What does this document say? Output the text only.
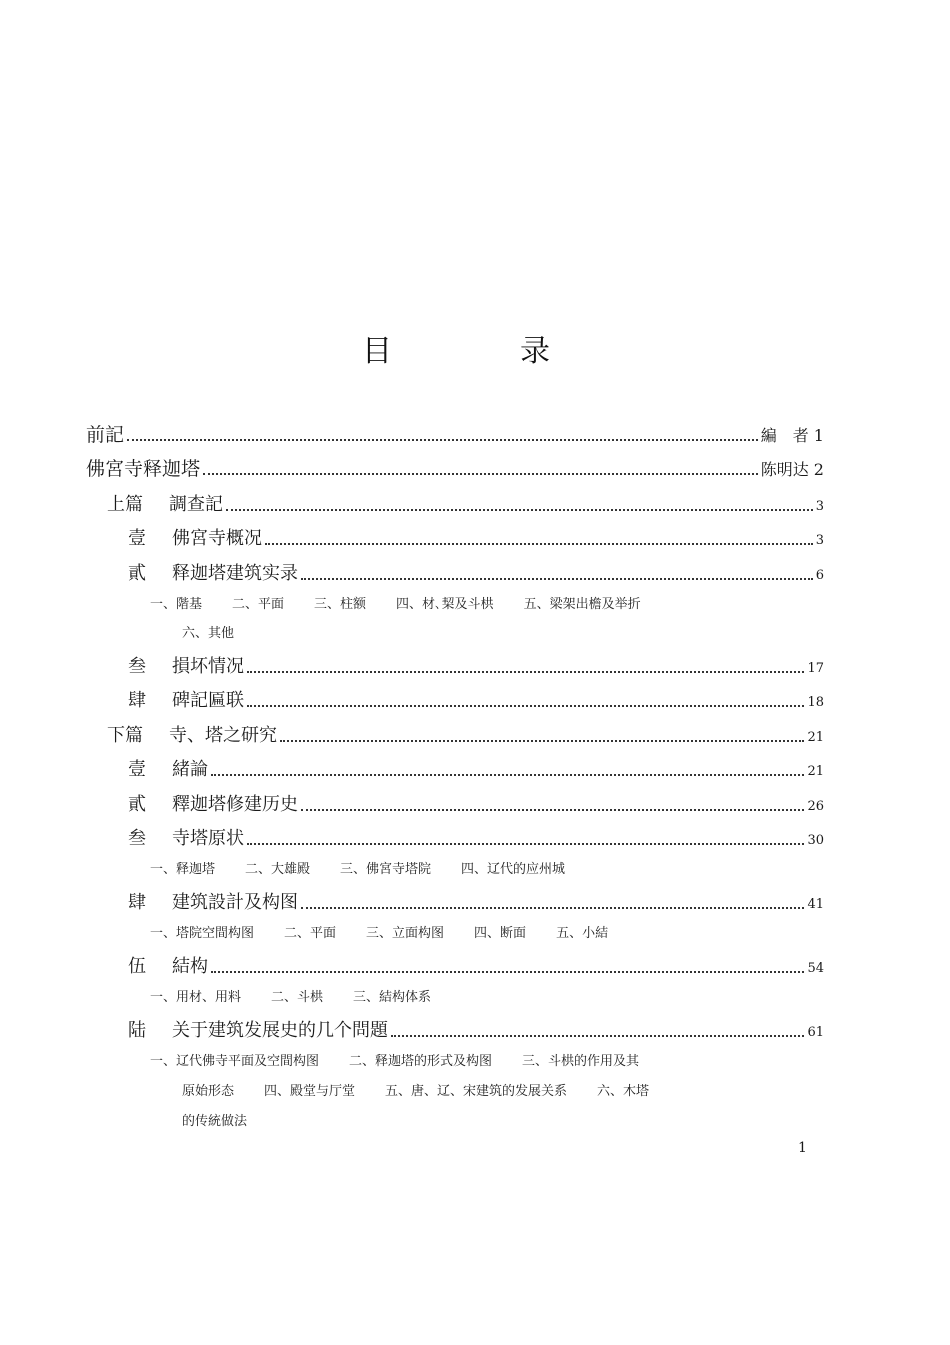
目	录
前記	編　者 1
佛宮寺释迦塔	陈明达 2
上篇 調查記	3
壹 佛宮寺概况	3
貳 释迦塔建筑实录	6
一、階基 二、平面 三、柱额 四、材､栔及斗栱 五、梁架出檐及举折
六、其他
叁 損坏情况	17
肆 碑記匾联	18
下篇 寺、塔之研究	21
壹 緒論	21
貳 釋迦塔修建历史	26
叁 寺塔原状	30
一、释迦塔 二、大雄殿 三、佛宮寺塔院 四、辽代的应州城
肆 建筑設計及构图	41
一、塔院空間构图 二、平面 三、立面构图 四、断面 五、小結
伍 結构	54
一、用材、用料 二、斗栱 三、結构体系
陆 关于建筑发展史的几个問題	61
一、辽代佛寺平面及空間构图 二、释迦塔的形式及构图 三、斗栱的作用及其
原始形态 四、殿堂与厅堂 五、唐、辽、宋建筑的发展关系 六、木塔
的传統做法
1
